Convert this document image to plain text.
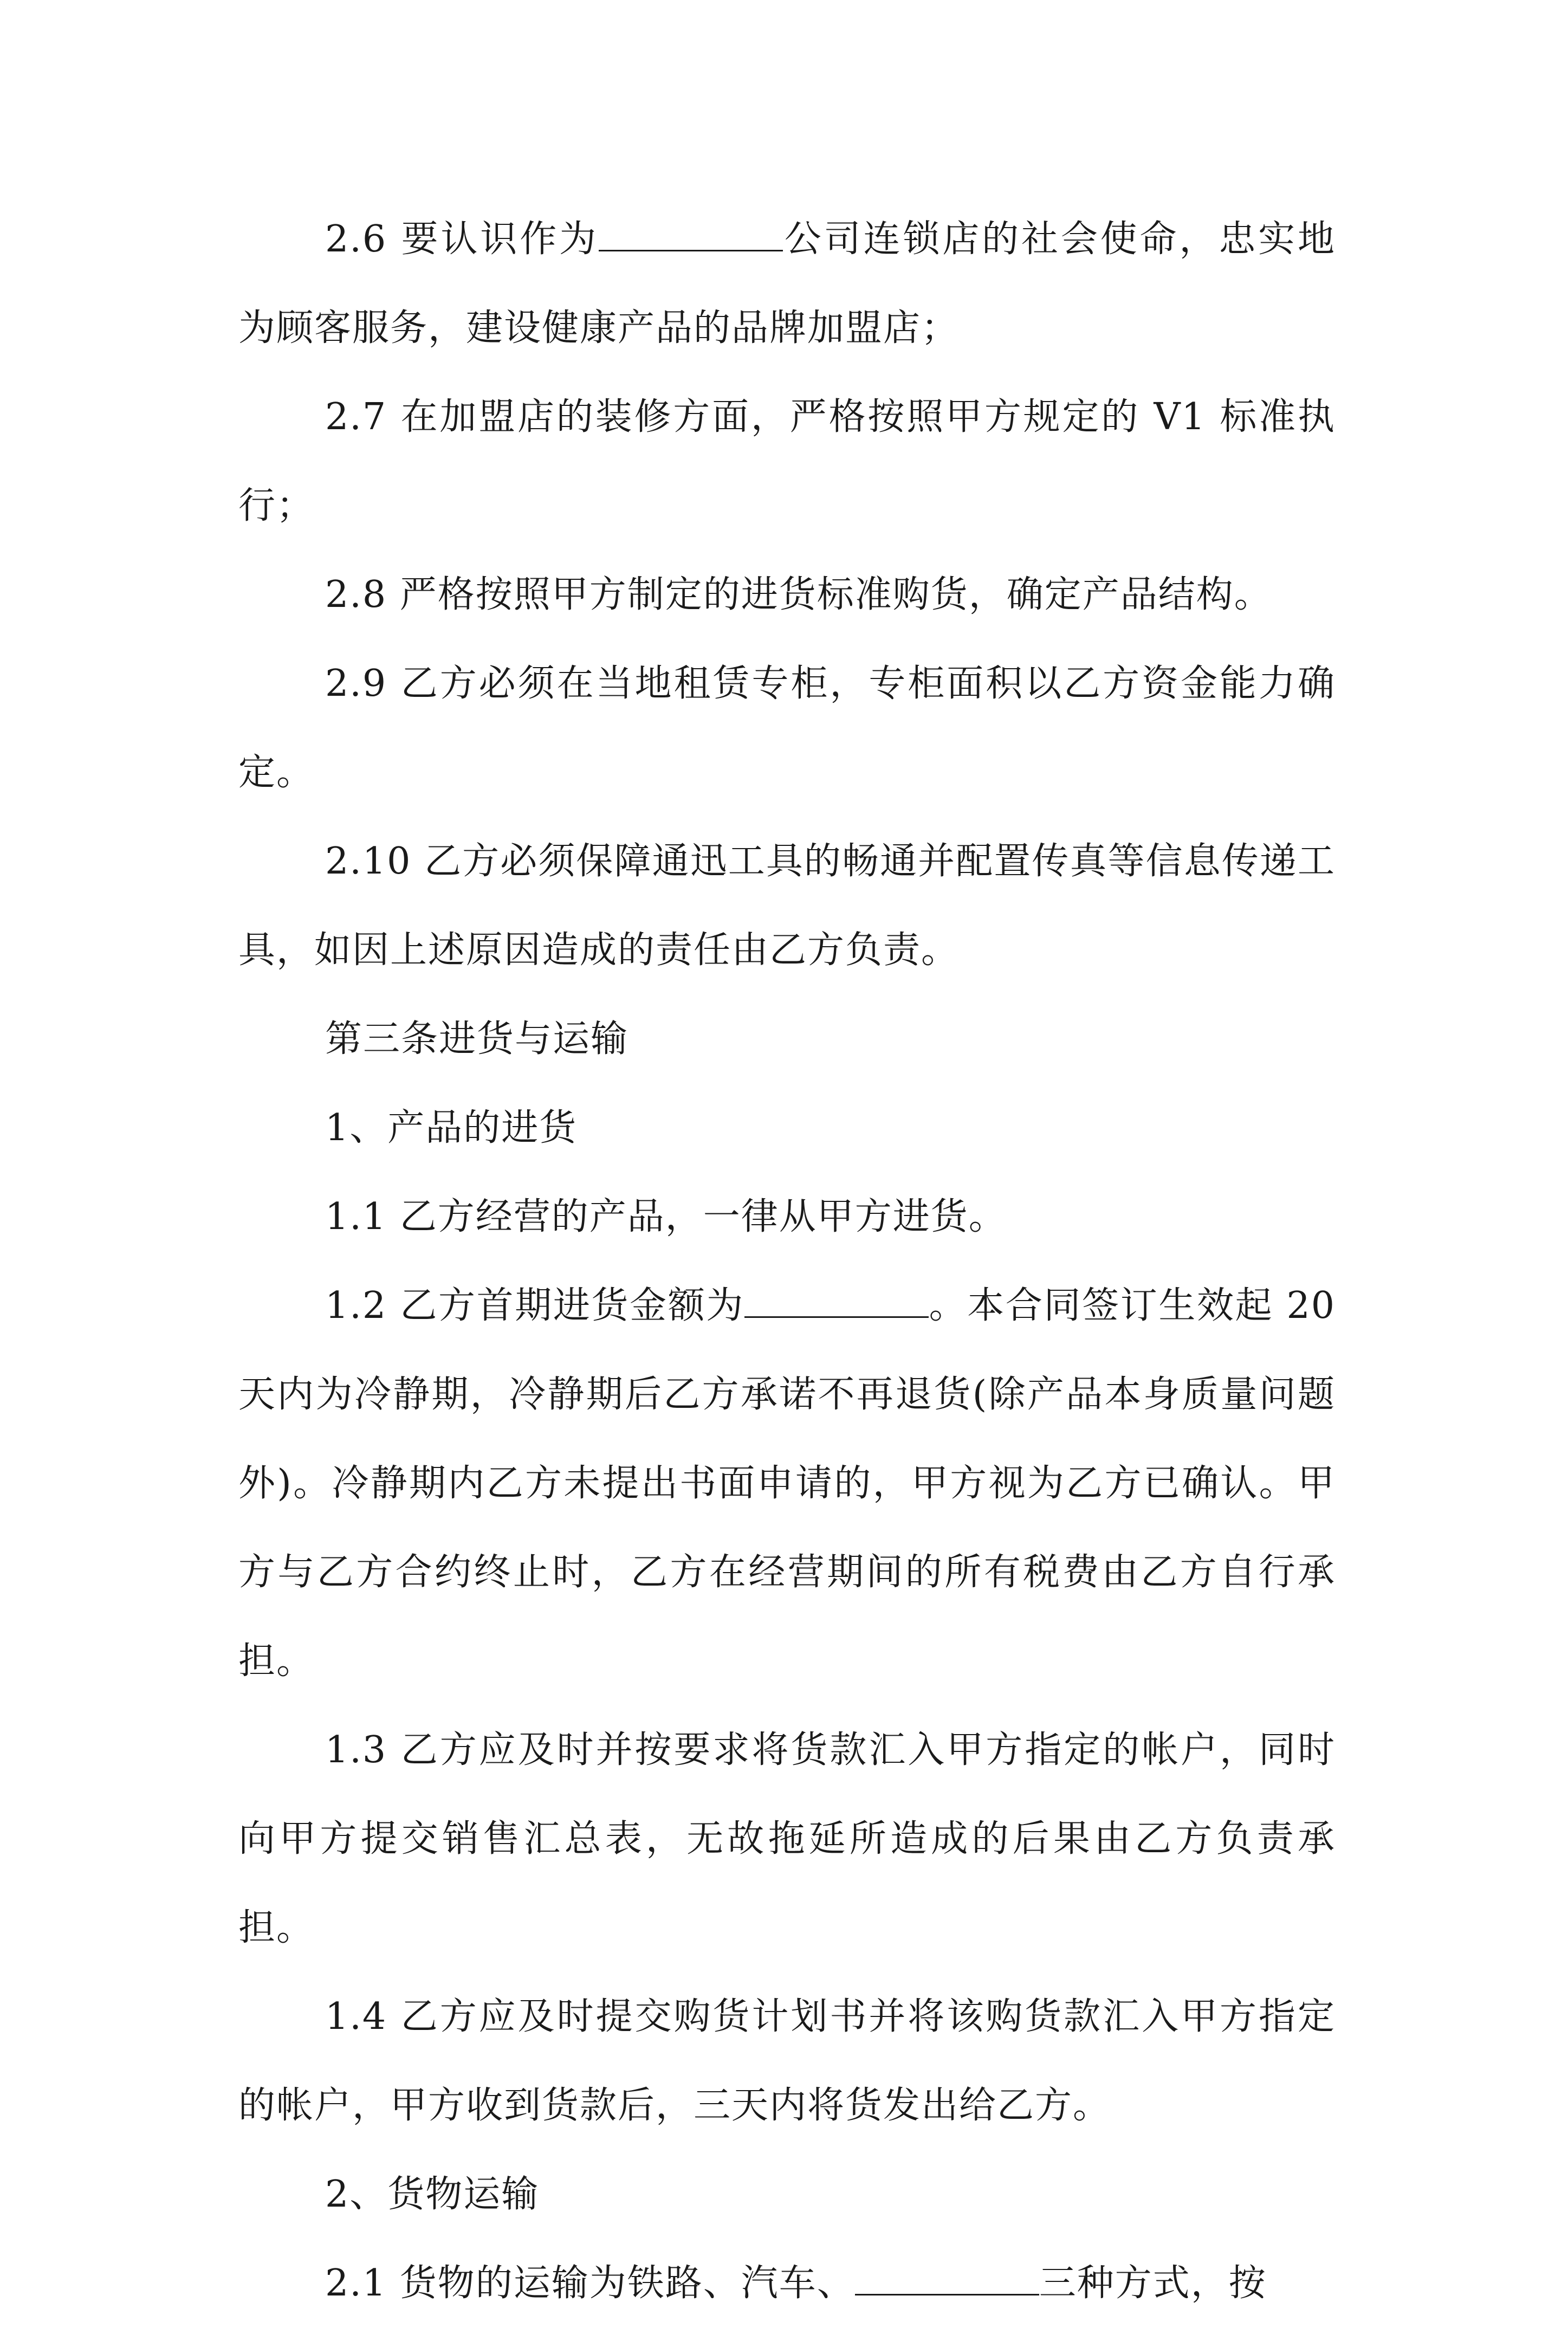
2.6 要认识作为	公司连锁店的社会使命，忠实地为顾客服务，建设健康产品的品牌加盟店；

2.7 在加盟店的装修方面，严格按照甲方规定的 V1 标准执行；

2.8 严格按照甲方制定的进货标准购货，确定产品结构。

2.9 乙方必须在当地租赁专柜，专柜面积以乙方资金能力确定。

2.10 乙方必须保障通迅工具的畅通并配置传真等信息传递工具，如因上述原因造成的责任由乙方负责。

第三条进货与运输

1、产品的进货

1.1 乙方经营的产品，一律从甲方进货。

1.2 乙方首期进货金额为	。本合同签订生效起 20 天内为冷静期，冷静期后乙方承诺不再退货(除产品本身质量问题外)。冷静期内乙方未提出书面申请的，甲方视为乙方已确认。甲方与乙方合约终止时，乙方在经营期间的所有税费由乙方自行承担。

1.3 乙方应及时并按要求将货款汇入甲方指定的帐户，同时向甲方提交销售汇总表，无故拖延所造成的后果由乙方负责承担。

1.4 乙方应及时提交购货计划书并将该购货款汇入甲方指定的帐户，甲方收到货款后，三天内将货发出给乙方。

2、货物运输

2.1 货物的运输为铁路、汽车、	三种方式，按
